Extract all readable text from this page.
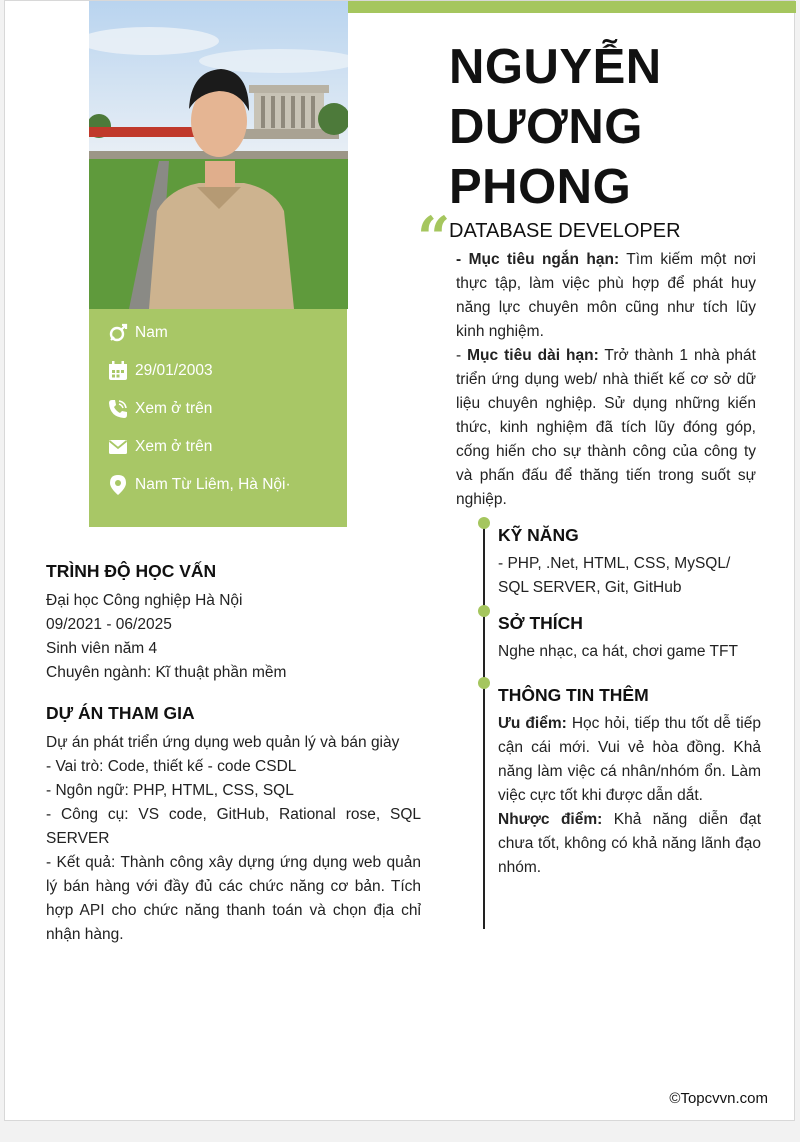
Nam
29/01/2003
Xem ở trên
Xem ở trên
Nam Từ Liêm, Hà Nội·
NGUYỄN
DƯƠNG
PHONG
“
DATABASE DEVELOPER

- Mục tiêu ngắn hạn: Tìm kiếm một nơi thực tập, làm việc phù hợp để phát huy năng lực chuyên môn cũng như tích lũy kinh nghiệm.

- Mục tiêu dài hạn: Trở thành 1 nhà phát triển ứng dụng web/ nhà thiết kế cơ sở dữ liệu chuyên nghiệp. Sử dụng những kiến thức, kinh nghiệm đã tích lũy đóng góp, cống hiến cho sự thành công của công ty và phấn đấu để thăng tiến trong suốt sự nghiệp.

KỸ NĂNG
- PHP, .Net, HTML, CSS, MySQL/ SQL SERVER, Git, GitHub
SỞ THÍCH
Nghe nhạc, ca hát, chơi game TFT
THÔNG TIN THÊM

Ưu điểm: Học hỏi, tiếp thu tốt dễ tiếp cận cái mới. Vui vẻ hòa đồng. Khả năng làm việc cá nhân/nhóm ổn. Làm việc cực tốt khi được dẫn dắt.

Nhược điểm: Khả năng diễn đạt chưa tốt, không có khả năng lãnh đạo nhóm.

TRÌNH ĐỘ HỌC VẤN
Đại học Công nghiệp Hà Nội
09/2021 - 06/2025
Sinh viên năm 4
Chuyên ngành: Kĩ thuật phần mềm
DỰ ÁN THAM GIA
Dự án phát triển ứng dụng web quản lý và bán giày
- Vai trò: Code, thiết kế - code CSDL
- Ngôn ngữ: PHP, HTML, CSS, SQL
- Công cụ: VS code, GitHub, Rational rose, SQL SERVER
- Kết quả: Thành công xây dựng ứng dụng web quản lý bán hàng với đầy đủ các chức năng cơ bản. Tích hợp API cho chức năng thanh toán và chọn địa chỉ nhận hàng.
©Topcvvn.com
